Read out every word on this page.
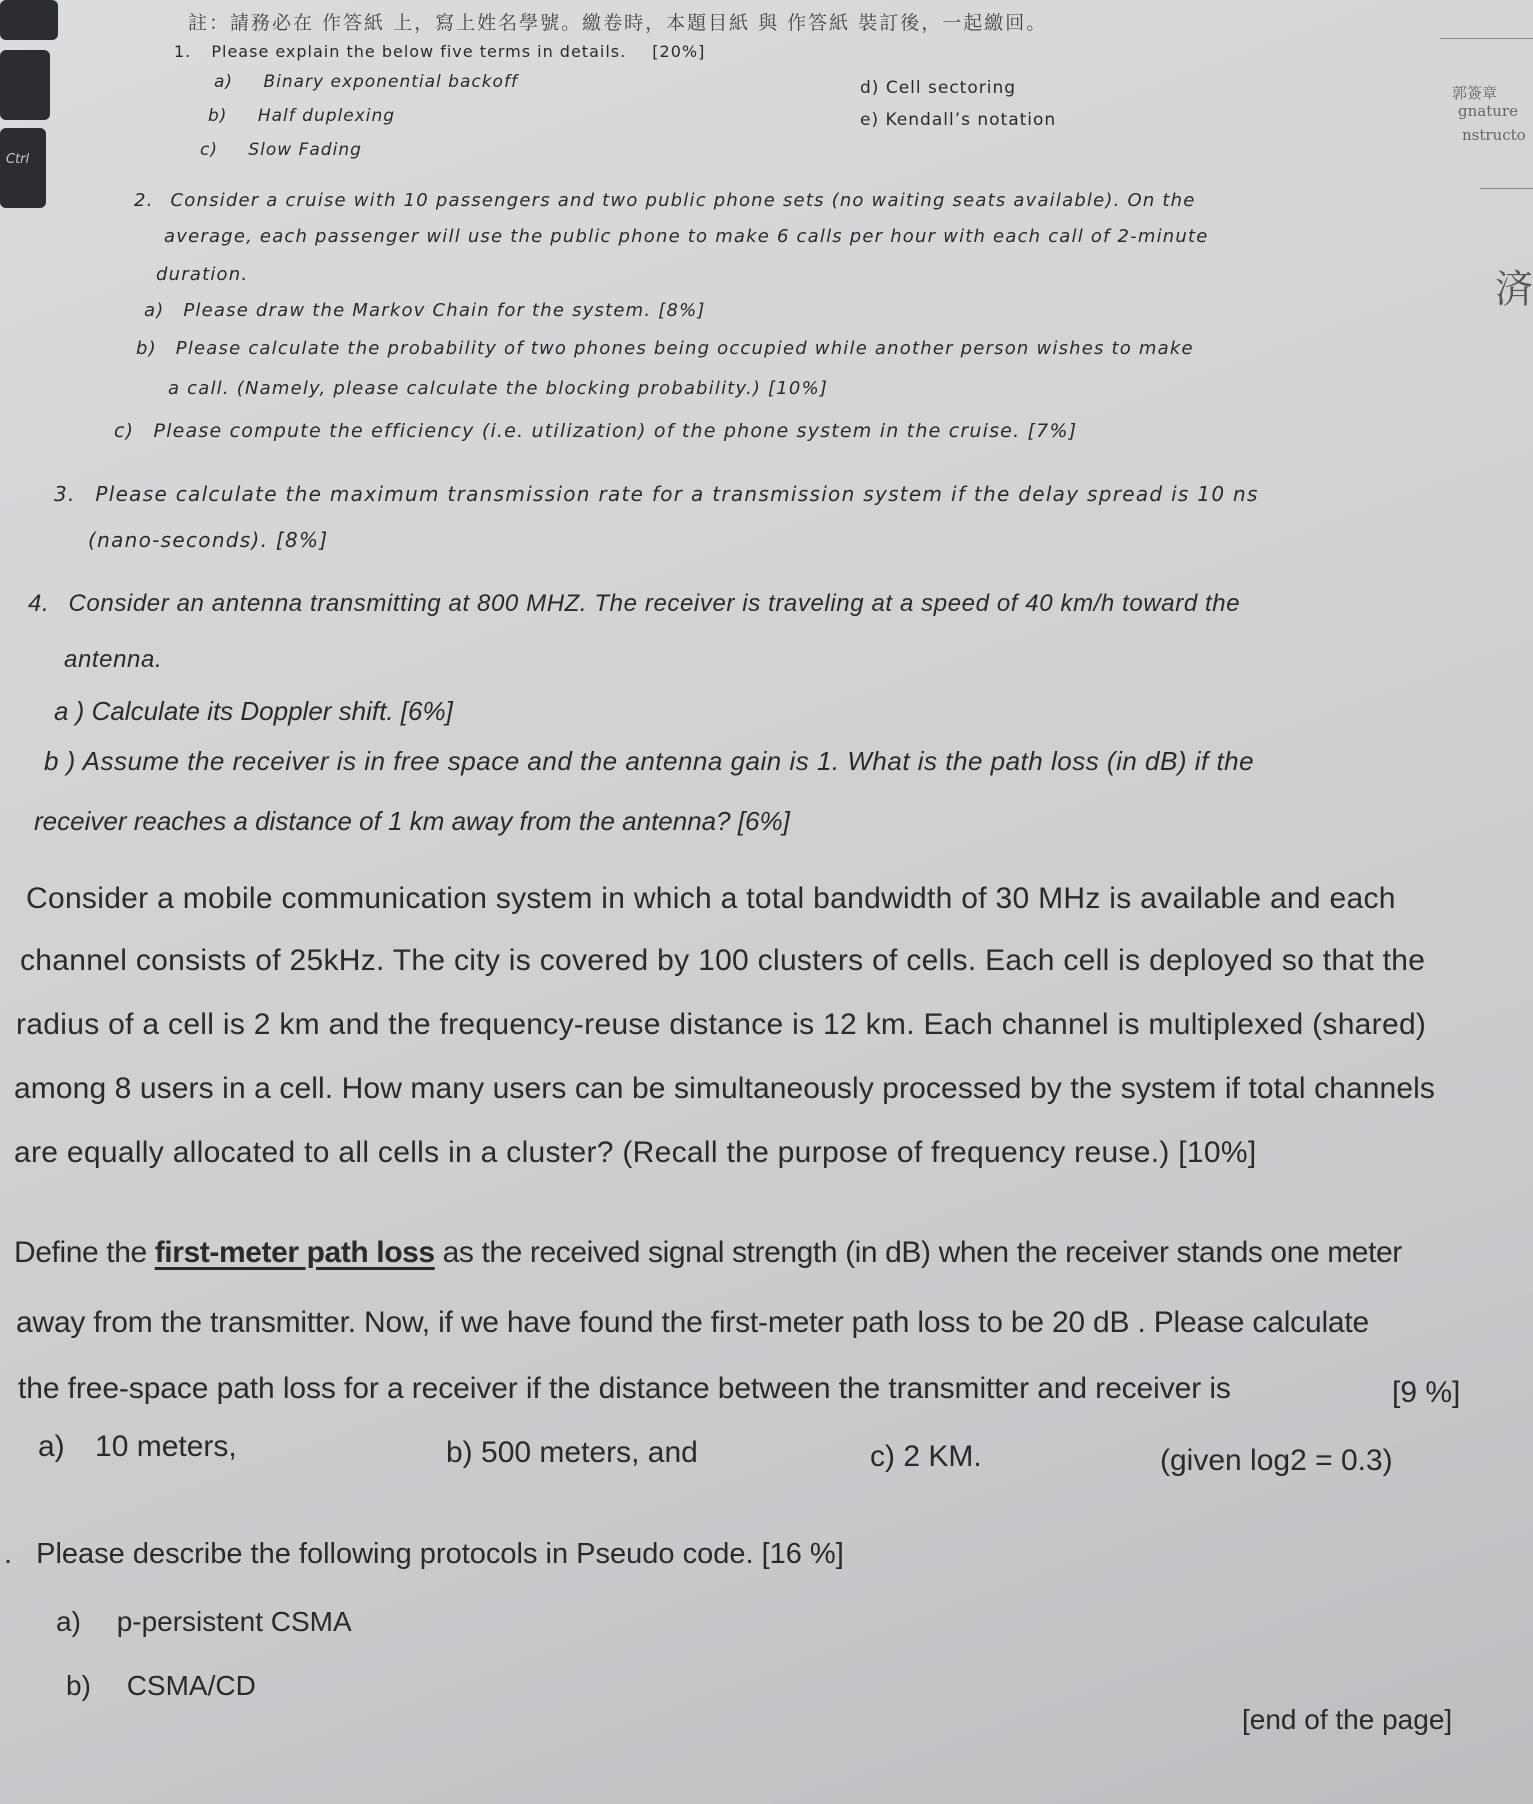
Ctrl
註：請務必在 作答紙 上，寫上姓名學號。繳卷時，本題目紙 與 作答紙 裝訂後，一起繳回。
郭簽章
gnature
nstructo
済
1. Please explain the below five terms in details. [20%]
a) Binary exponential backoff
b) Half duplexing
c) Slow Fading
d) Cell sectoring
e) Kendall’s notation
2. Consider a cruise with 10 passengers and two public phone sets (no waiting seats available). On the
average, each passenger will use the public phone to make 6 calls per hour with each call of 2-minute
duration.
a) Please draw the Markov Chain for the system. [8%]
b) Please calculate the probability of two phones being occupied while another person wishes to make
a call. (Namely, please calculate the blocking probability.) [10%]
c) Please compute the efficiency (i.e. utilization) of the phone system in the cruise. [7%]
3. Please calculate the maximum transmission rate for a transmission system if the delay spread is 10 ns
(nano-seconds). [8%]
4. Consider an antenna transmitting at 800 MHZ. The receiver is traveling at a speed of 40 km/h toward the
antenna.
a ) Calculate its Doppler shift. [6%]
b ) Assume the receiver is in free space and the antenna gain is 1. What is the path loss (in dB) if the
receiver reaches a distance of 1 km away from the antenna? [6%]
Consider a mobile communication system in which a total bandwidth of 30 MHz is available and each
channel consists of 25kHz. The city is covered by 100 clusters of cells. Each cell is deployed so that the
radius of a cell is 2 km and the frequency-reuse distance is 12 km. Each channel is multiplexed (shared)
among 8 users in a cell. How many users can be simultaneously processed by the system if total channels
are equally allocated to all cells in a cluster? (Recall the purpose of frequency reuse.) [10%]
Define the first-meter path loss as the received signal strength (in dB) when the receiver stands one meter
away from the transmitter. Now, if we have found the first-meter path loss to be 20 dB . Please calculate
the free-space path loss for a receiver if the distance between the transmitter and receiver is	[9 %]
a) 10 meters,	b) 500 meters, and	c) 2 KM.	(given log2 = 0.3)
. Please describe the following protocols in Pseudo code. [16 %]
a) p-persistent CSMA
b) CSMA/CD
[end of the page]
